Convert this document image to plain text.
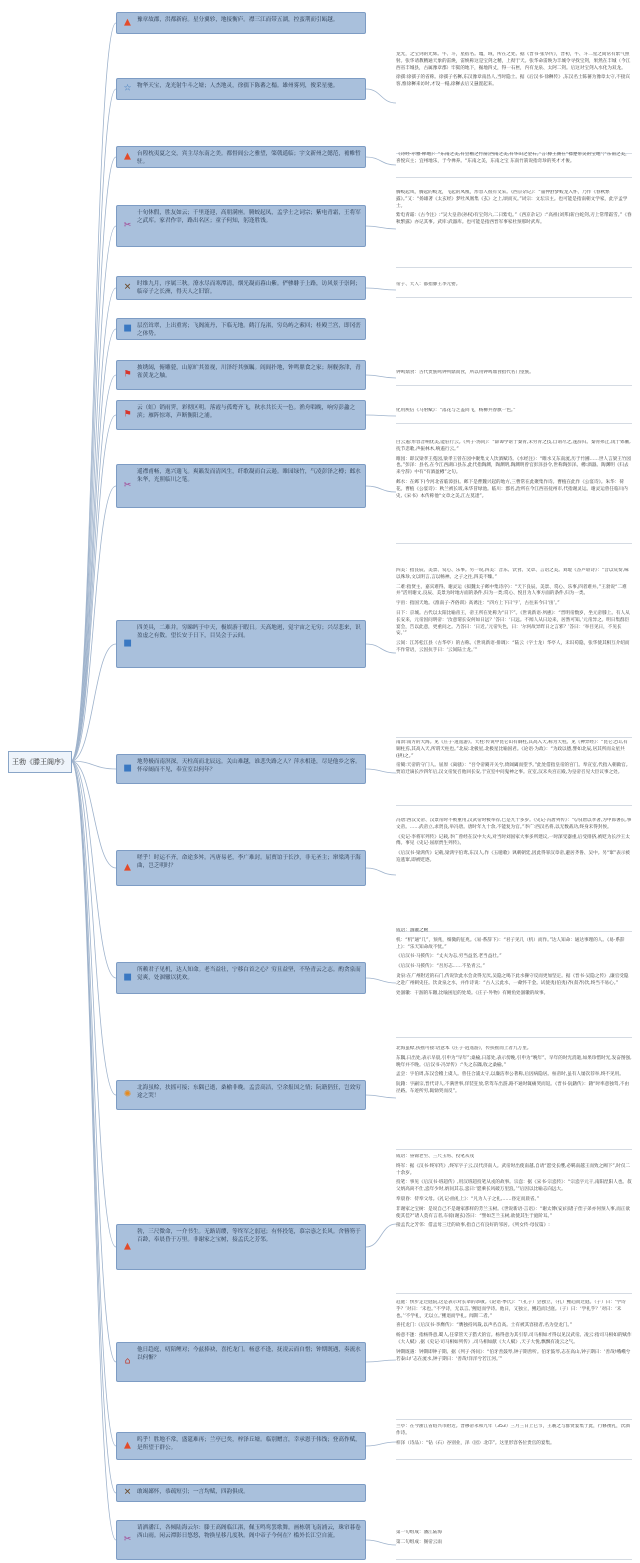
王勃《滕王阁序》
▲	豫章故郡，洪都新府。星分翼轸，地接衡庐。襟三江而带五湖，控蛮荆而引瓯越。
☆ 物华天宝，龙光射牛斗之墟；人杰地灵，徐孺下陈蕃之榻。雄州雾列，俊采星驰。

龙光，之宝剑的光辉。牛、斗，星宿名。墟，域，所在之处。据《晋书·张华传》，晋初，牛、斗二星之间常有紫气照射。张华请教精通天象的雷焕，雷焕称这是宝剑之精，上彻于天。张华命雷焕为丰城令寻找宝剑，果然在丰城（今江西省丰城县，古属豫章郡）牢狱的地下，掘地四丈，得一石匣，内有龙泉、太阿二剑。后这对宝剑入水化为双龙。

徐孺:徐孺子的省称。徐孺子名穉,东汉豫章南昌人,当时隐士。据《后汉书·徐穉传》,东汉名士陈蕃为豫章太守,不接宾客,惟徐穉来访时,才设一榻,徐穉去后又悬置起来。

▲	台隍枕夷夏之交，宾主尽东南之美。都督阎公之雅望，棨戟遥临；宇文新州之懿范，襜帷暂驻。

《诗经·尔雅·释地》：“东南之美,有会稽之竹箭;西南之美,有华山之金石。”言:滕王阁在“襟楚带吴的宝地”;“东南之美，喜悦宾主；宜州地乐，于今禅养。“东南之美，东南之宝 东南竹箭说指奇珍的英才才俊。

✂
十旬休假，胜友如云；千里逢迎，高朋满座。腾蛟起凤，孟学士之词宗；紫电青霜，王将军之武库。家君作宰，路出名区；童子何知，躬逢胜饯。

腾蛟起凤，腾起的蛟龙，飞起的凤凰，形容人很有文采。《西京杂记》：“董仲舒梦蛟龙入怀，乃作《春秋繁露》。”又：“扬雄著《太玄经》梦吐凤凰集《玄》之上,顷而灭。”词宗：文坛宗主。也可能是指南朝文学家，此字孟学士。

紫电青霜:《古今注》:“吴大皇帝(孙权)有宝剑六,二曰紫电。”《西京杂记》:“高祖(刘邦)斩白蛇剑,刃上常带霜雪。”《春秋繁露》亦记其事。武库:武器库。也可能是指西晋军事家杜预那时武库。

✕	时维九月，序属三秋。潦水尽而寒潭清，烟光凝而暮山紫。俨骖騑于上路，访风景于崇阿；临帝子之长洲，得天人之旧馆。

帝子、天人：都指滕王李元婴。

■ 层峦耸翠，上出重霄；飞阁流丹，下临无地。鹤汀凫渚，穷岛屿之萦回；桂殿兰宫，即冈峦之体势。
⚑
披绣闼，俯雕甍，山原旷其盈视，川泽纡其骇瞩。闾阎扑地，钟鸣鼎食之家；舸舰弥津，青雀黄龙之舳。

钟鸣鼎食：古代贵族鸣钟列鼎而食，所以用钟鸣鼎食指代名门望族。

⚑
云（虹）销雨霁，彩彻区明。落霞与孤鹜齐飞，秋水共长天一色。渔舟唱晚，响穷彭蠡之滨；雁阵惊寒，声断衡阳之浦。

化用庾信《马射赋》：“落花与芝盖同飞，杨柳共春旗一色。”

✂
遥襟甫畅，逸兴遄飞。爽籁发而清风生，纤歌凝而白云遏。睢园绿竹，气凌彭泽之樽；邺水朱华，光照临川之笔。

白云遏:形容音响优美,能驻行云。《列子·汤问》：“薛谭学讴于秦青,未穷青之技,自谓尽之,遂辞归。秦青弗止,饯于郊衢,抚节悲歌,声振林木,响遏行云。”

睢园：即汉梁孝王菟园,梁孝王曾在园中聚集文人饮酒赋诗。《水经注》：“睢水又东南流,历于竹圃……世人言梁王竹园也。”彭泽：县名,在今江西湖口县东,此代指陶渊，陶渊明,陶渊明曾官彭泽县令,世称陶彭泽。樽:酒器。陶渊明《归去来兮辞》中有“有酒盈樽”之句。

邺水：在邺下(今河北省临漳县)。邺下是曹魏兴起的地方,三曹常在此聚集作诗。曹植在此作《公宴诗》。朱华：荷花。曹植《公宴诗》：秋兰被长坂,朱华冒绿池。临川：郡名,治所在今江西省抚州市,代指谢灵运。谢灵运曾任临川内史,《宋书》本传称他“文章之美,江左莫逮”。

■
四美具，二难并。穷睇眄于中天，极娱游于暇日。天高地迥，觉宇宙之无穷；兴尽悲来，识盈虚之有数。望长安于日下，目吴会于云间。

四美：指良辰、美景、赏心、乐事。另一说,四美：音乐、饮食、文章、言语之美。刘琨《答卢谌诗》：“音以赏奏,味以殊珍,文以明言,言以畅神。之子之往,四美不臻。”

二难:指贤主、嘉宾难得。谢灵运《拟魏太子邺中集诗序》：“天下良辰、美景、赏心、乐事,四者难并。”王勃说“二难并”活用谢文,良辰、美景为时地方面的条件,归为一类;赏心、悦目为人事方面的条件,归为一类。

宇宙：指国天地。《淮南子·齐俗训》高诱注：“四方上下曰‘宇’，古往来今曰‘宙’。”

日下：京城。古代以太阳比喻帝王，帝王所在处称为“日下”。《世说新语·夙惠》：“晋明帝数岁，坐元帝膝上。有人从长安来，元帝因问明帝：‘汝意谓长安何如日远？’答曰：‘日远。不闻人从日边来，居然可知。’元帝异之。明日集群臣宴会，告以此意，更重问之。乃答曰：‘日近。’元帝失色，曰：‘尔何故异昨日之言邪？’答曰：‘举目见日，不见长安。’”

云间：江苏松江县（古华亭）的古称。《世说新语·排调》：“陆云（字士龙）华亭人，未识荀隐，张华使其相互介绍而不作常语，云因抗手曰：‘云间陆士龙。’”

■
地势极而南溟深，天柱高而北辰远。关山难越，谁悲失路之人？萍水相逢，尽是他乡之客。怀帝阍而不见，奉宣室以何年？

南溟:南方的大海。见《庄子·逍遥游》。天柱:传说中昆仑山有铜柱,其高入天,称为天柱。见《神异经》：“昆仑之山,有铜柱焉,其高入天,所谓天柱也。”北辰:北极星,北极星比喻国君。《论语·为政》：“为政以德,譬如北辰,居其所而众星共(拱)之。”

帝阍:天帝的守门人。屈原《离骚》：“吾令帝阍开关兮,倚阊阖而望予。”此处借指皇帝的宫门。奉宣室,代指入朝做官。贾谊迁谪长沙四年后,汉文帝复召他回长安,于宣室中问鬼神之事。宣室,汉未央宫正殿,为皇帝召见大臣议事之处。

▲
嗟乎！时运不齐，命途多舛。冯唐易老，李广难封。屈贾谊于长沙，非无圣主；窜梁鸿于海曲，岂乏明时？

冯唐:西汉文帝、汉景帝时不被重用,汉武帝时被举荐,已是九十多岁。《史记·冯唐列传》：“(冯)唐以孝著,为中郎署长,事文帝。……武帝立,求贤良,举冯唐。唐时年九十余,不能复为官。”李广:西汉名将,以无数战功,终身未得封侯。

《史记·李将军列传》记载,李广曾经在汉中大夫,对当时刘国家大事多所建议,一时深受器重,后受排挤,被贬为长沙王太傅。事见《史记·屈原贾生列传》。

《后汉书·梁鸿传》记载,梁鸿字伯鸾,东汉人,作《五噫歌》讽刺朝廷,因此得罪汉章帝,避居齐鲁、吴中。另“窜”表示被迫逃窜,即被贬逐。

■
所赖君子见机，达人知命。老当益壮，宁移白首之心？穷且益坚，不坠青云之志。酌贪泉而觉爽，处涸辙以犹欢。

成语：涸辙之鲋

机：“机”通“几”，预兆，细微的征兆。《易·系辞下》：“君子见几（机）而作。”达人知命：通达事理的人。《易·系辞上》：“乐天知命故不忧。”

《后汉书·马援传》：“丈夫为志,穷当益坚,老当益壮。”

《后汉书·马援传》：“吾厉志……不坠青云。”

贪泉:在广州附近的石门,传说饮此水会贪得无厌,吴隐之喝下此水操守反而更加坚定。据《晋书·吴隐之传》,廉官受隐之赴广州刺史任。饮贪泉之水，并作诗说：“古人云此水，一歃怀千金。试使夷(伯夷)齐(叔齐)饮,终当不易心。”

处涸辙：干涸的车辙,比喻困厄的处境。《庄子·外物》有鲋鱼处涸辙的故事。

✺
北海虽赊，扶摇可接；东隅已逝，桑榆非晚。孟尝高洁，空余报国之情；阮籍猖狂，岂效穷途之哭！

北海虽赊,扶摇可接:语意本《庄子·逍遥游》，传扶摇而上者九万里。

东隅,日出处,表示早晨,引申为“早年”;桑榆,日落处,表示傍晚,引申为“晚年”。早年的时光消逝,如果珍惜时光,发奋图强,晚年并不晚。《后汉书·冯异传》:“失之东隅,收之桑榆。”

孟尝：字伯周,东汉会稽上虞人。曾任合浦太守,以廉洁奉公著称,后因病隐居。桓帝时,虽有人屡次荐举,终不见用。

阮籍：字嗣宗,晋代诗人,不满世事,佯装狂放,常驾车出游,路不通时辄痛哭而返。《晋书·阮籍传》：籍“时率意独驾,不由径路。车迹所穷,辄恸哭而反”。

▲
勃，三尺微命，一介书生。无路请缨，等终军之弱冠；有怀投笔，慕宗悫之长风。舍簪笏于百龄，奉晨昏于万里。非谢家之宝树，接孟氏之芳邻。

成语：昼锦老至、三尺玉笏、投笔从戎

终军：据《汉书·终军传》,终军字子云,汉代济南人。武帝时出使南越,自请“愿受长缨,必羁南越王而致之阙下”,时仅二十余岁。

投笔：事见《后汉书·班超传》,用汉班超投笔从戎的故事。宗悫：据《宋书·宗悫传》：“宗悫字元干,南阳涅阳人也。叔父炳高尚不仕,悫年少时,炳问其志,悫曰:‘愿乘长风破万里浪。’”后因以比喻志向远大。

奉晨昏：侍奉父母。《礼记·曲礼上》：“凡为人子之礼,……昏定而晨省。”

非谢家之宝树：是说自己不是谢家那样的芳兰玉树。《世说新语·言语》：“谢太傅(安)问诸子侄子弟亦何预人事,而正欲使其佳?”诸人莫有言者,车骑(谢玄)答曰：“譬如芝兰玉树,欲使其生于庭阶耳。”

接孟氏之芳邻：借孟母三迁的故事,指自己有良好的邻居。《列女传·母仪篇》:

⌂
他日趋庭，叨陪鲤对；今兹捧袂，喜托龙门。杨意不逢，抚凌云而自惜；钟期既遇，奏流水以何惭？

趋庭：快步走过庭院,这是表示对长辈的恭敬。《论语·季氏》：“（孔子）尝独立，（孔）鲤趋而过庭。（子）曰：‘学诗乎？’对曰：‘未也。’‘不学诗，无以言。’鲤退而学诗。他日，又独立，鲤趋而过庭。（子）曰：‘学礼乎？’对曰：‘未也。’‘不学礼，无以立。’鲤退而学礼。闻斯二者。”

喜托龙门:《后汉书·李膺传》：“膺独持风裁,以声名自高。士有被其容接者,名为登龙门。”

杨意不逢：指杨得意,蜀人,任掌管天子猎犬的官。杨得意为其引荐,司马相如才得以见汉武帝。凌云:指司马相如的赋作《大人赋》,据《史记·司马相如列传》,司马相如献《大人赋》,天子大悦,飘飘有凌云之气。

钟期既遇：钟期即钟子期。据《列子·汤问》：“伯牙善鼓琴,钟子期善听。伯牙鼓琴,志在高山,钟子期曰：‘善哉!峨峨兮若泰山!’志在流水,钟子期曰：‘善哉!洋洋兮若江河。’”

▲
呜乎！胜地不常，盛筵难再；兰亭已矣，梓泽丘墟。临别赠言，幸承恩于伟饯；登高作赋，是所望于群公。

兰亭：在今浙江省绍兴市附近。晋穆帝永和九年（353）三月三日上巳节，王羲之与群贤宴集于此，行修禊礼，饮酒作诗。

梓泽（诗品）：“钻（石）谷别业，泽（园）北邙”。这里形容各位贵官的宴集。

✕	敢竭鄙怀，恭疏短引；一言均赋，四韵俱成。
✂
请洒潘江，各倾陆海云尔：滕王高阁临江渚，佩玉鸣鸾罢歌舞。画栋朝飞南浦云，珠帘暮卷西山雨。闲云潭影日悠悠，物换星移几度秋。阁中帝子今何在？槛外长江空自流。

第一句组成：潘江陆海

第二句组成：阁帝云雨
